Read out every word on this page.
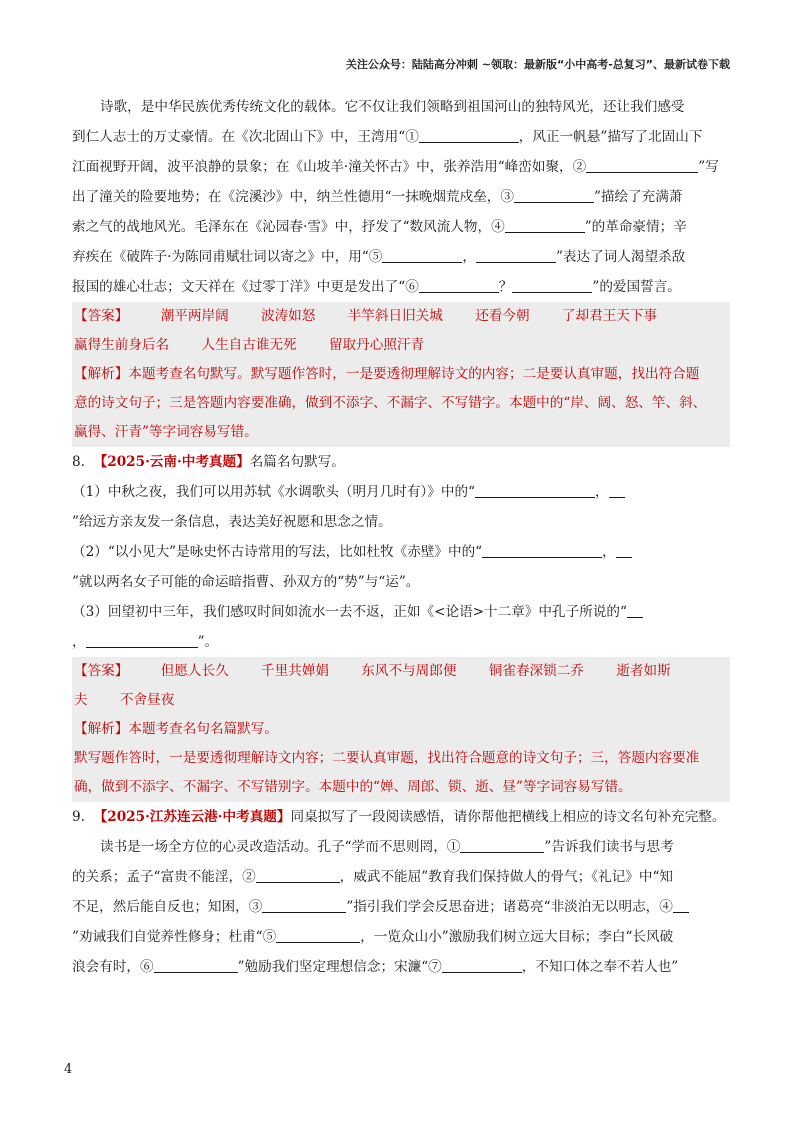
关注公众号：陆陆高分冲刺 ~领取：最新版“小中高考-总复习”、最新试卷下载
诗歌，是中华民族优秀传统文化的载体。它不仅让我们领略到祖国河山的独特风光，还让我们感受
到仁人志士的万丈豪情。在《次北固山下》中，王湾用“①	，风正一帆悬”描写了北固山下
江面视野开阔，波平浪静的景象；在《山坡羊·潼关怀古》中，张养浩用“峰峦如聚，②	”写
出了潼关的险要地势；在《浣溪沙》中，纳兰性德用“一抹晚烟荒戍垒，③	”描绘了充满萧
索之气的战地风光。毛泽东在《沁园春·雪》中，抒发了“数风流人物，④	”的革命豪情；辛
弃疾在《破阵子·为陈同甫赋壮词以寄之》中，用“⑤	，	”表达了词人渴望杀敌
报国的雄心壮志；文天祥在《过零丁洋》中更是发出了“⑥	？	”的爱国誓言。
【答案】 潮平两岸阔 波涛如怒 半竿斜日旧关城 还看今朝 了却君王天下事
赢得生前身后名 人生自古谁无死 留取丹心照汗青
【解析】本题考查名句默写。默写题作答时，一是要透彻理解诗文的内容；二是要认真审题，找出符合题
意的诗文句子；三是答题内容要准确，做到不添字、不漏字、不写错字。本题中的“岸、阔、怒、竿、斜、
赢得、汗青”等字词容易写错。
8. 【2025·云南·中考真题】名篇名句默写。
（1）中秋之夜，我们可以用苏轼《水调歌头（明月几时有）》中的“	，
”给远方亲友发一条信息，表达美好祝愿和思念之情。
（2）“以小见大”是咏史怀古诗常用的写法，比如杜牧《赤壁》中的“	，
”就以两名女子可能的命运暗指曹、孙双方的“势”与“运”。
（3）回望初中三年，我们感叹时间如流水一去不返，正如《<论语>十二章》中孔子所说的“
，	”。
【答案】 但愿人长久 千里共婵娟 东风不与周郎便 铜雀春深锁二乔 逝者如斯
夫 不舍昼夜
【解析】本题考查名句名篇默写。
默写题作答时，一是要透彻理解诗文内容；二要认真审题，找出符合题意的诗文句子；三，答题内容要准
确，做到不添字、不漏字、不写错别字。本题中的“婵、周郎、锁、逝、昼”等字词容易写错。
9. 【2025·江苏连云港·中考真题】同桌拟写了一段阅读感悟，请你帮他把横线上相应的诗文名句补充完整。
读书是一场全方位的心灵改造活动。孔子“学而不思则罔，①	”告诉我们读书与思考
的关系；孟子“富贵不能淫，②	，威武不能屈”教育我们保持做人的骨气；《礼记》中“知
不足，然后能自反也；知困，③	”指引我们学会反思奋进；诸葛亮“非淡泊无以明志，④
”劝诫我们自觉养性修身；杜甫“⑤	，一览众山小”激励我们树立远大目标；李白“长风破
浪会有时，⑥	”勉励我们坚定理想信念；宋濂“⑦	，不知口体之奉不若人也”
4
